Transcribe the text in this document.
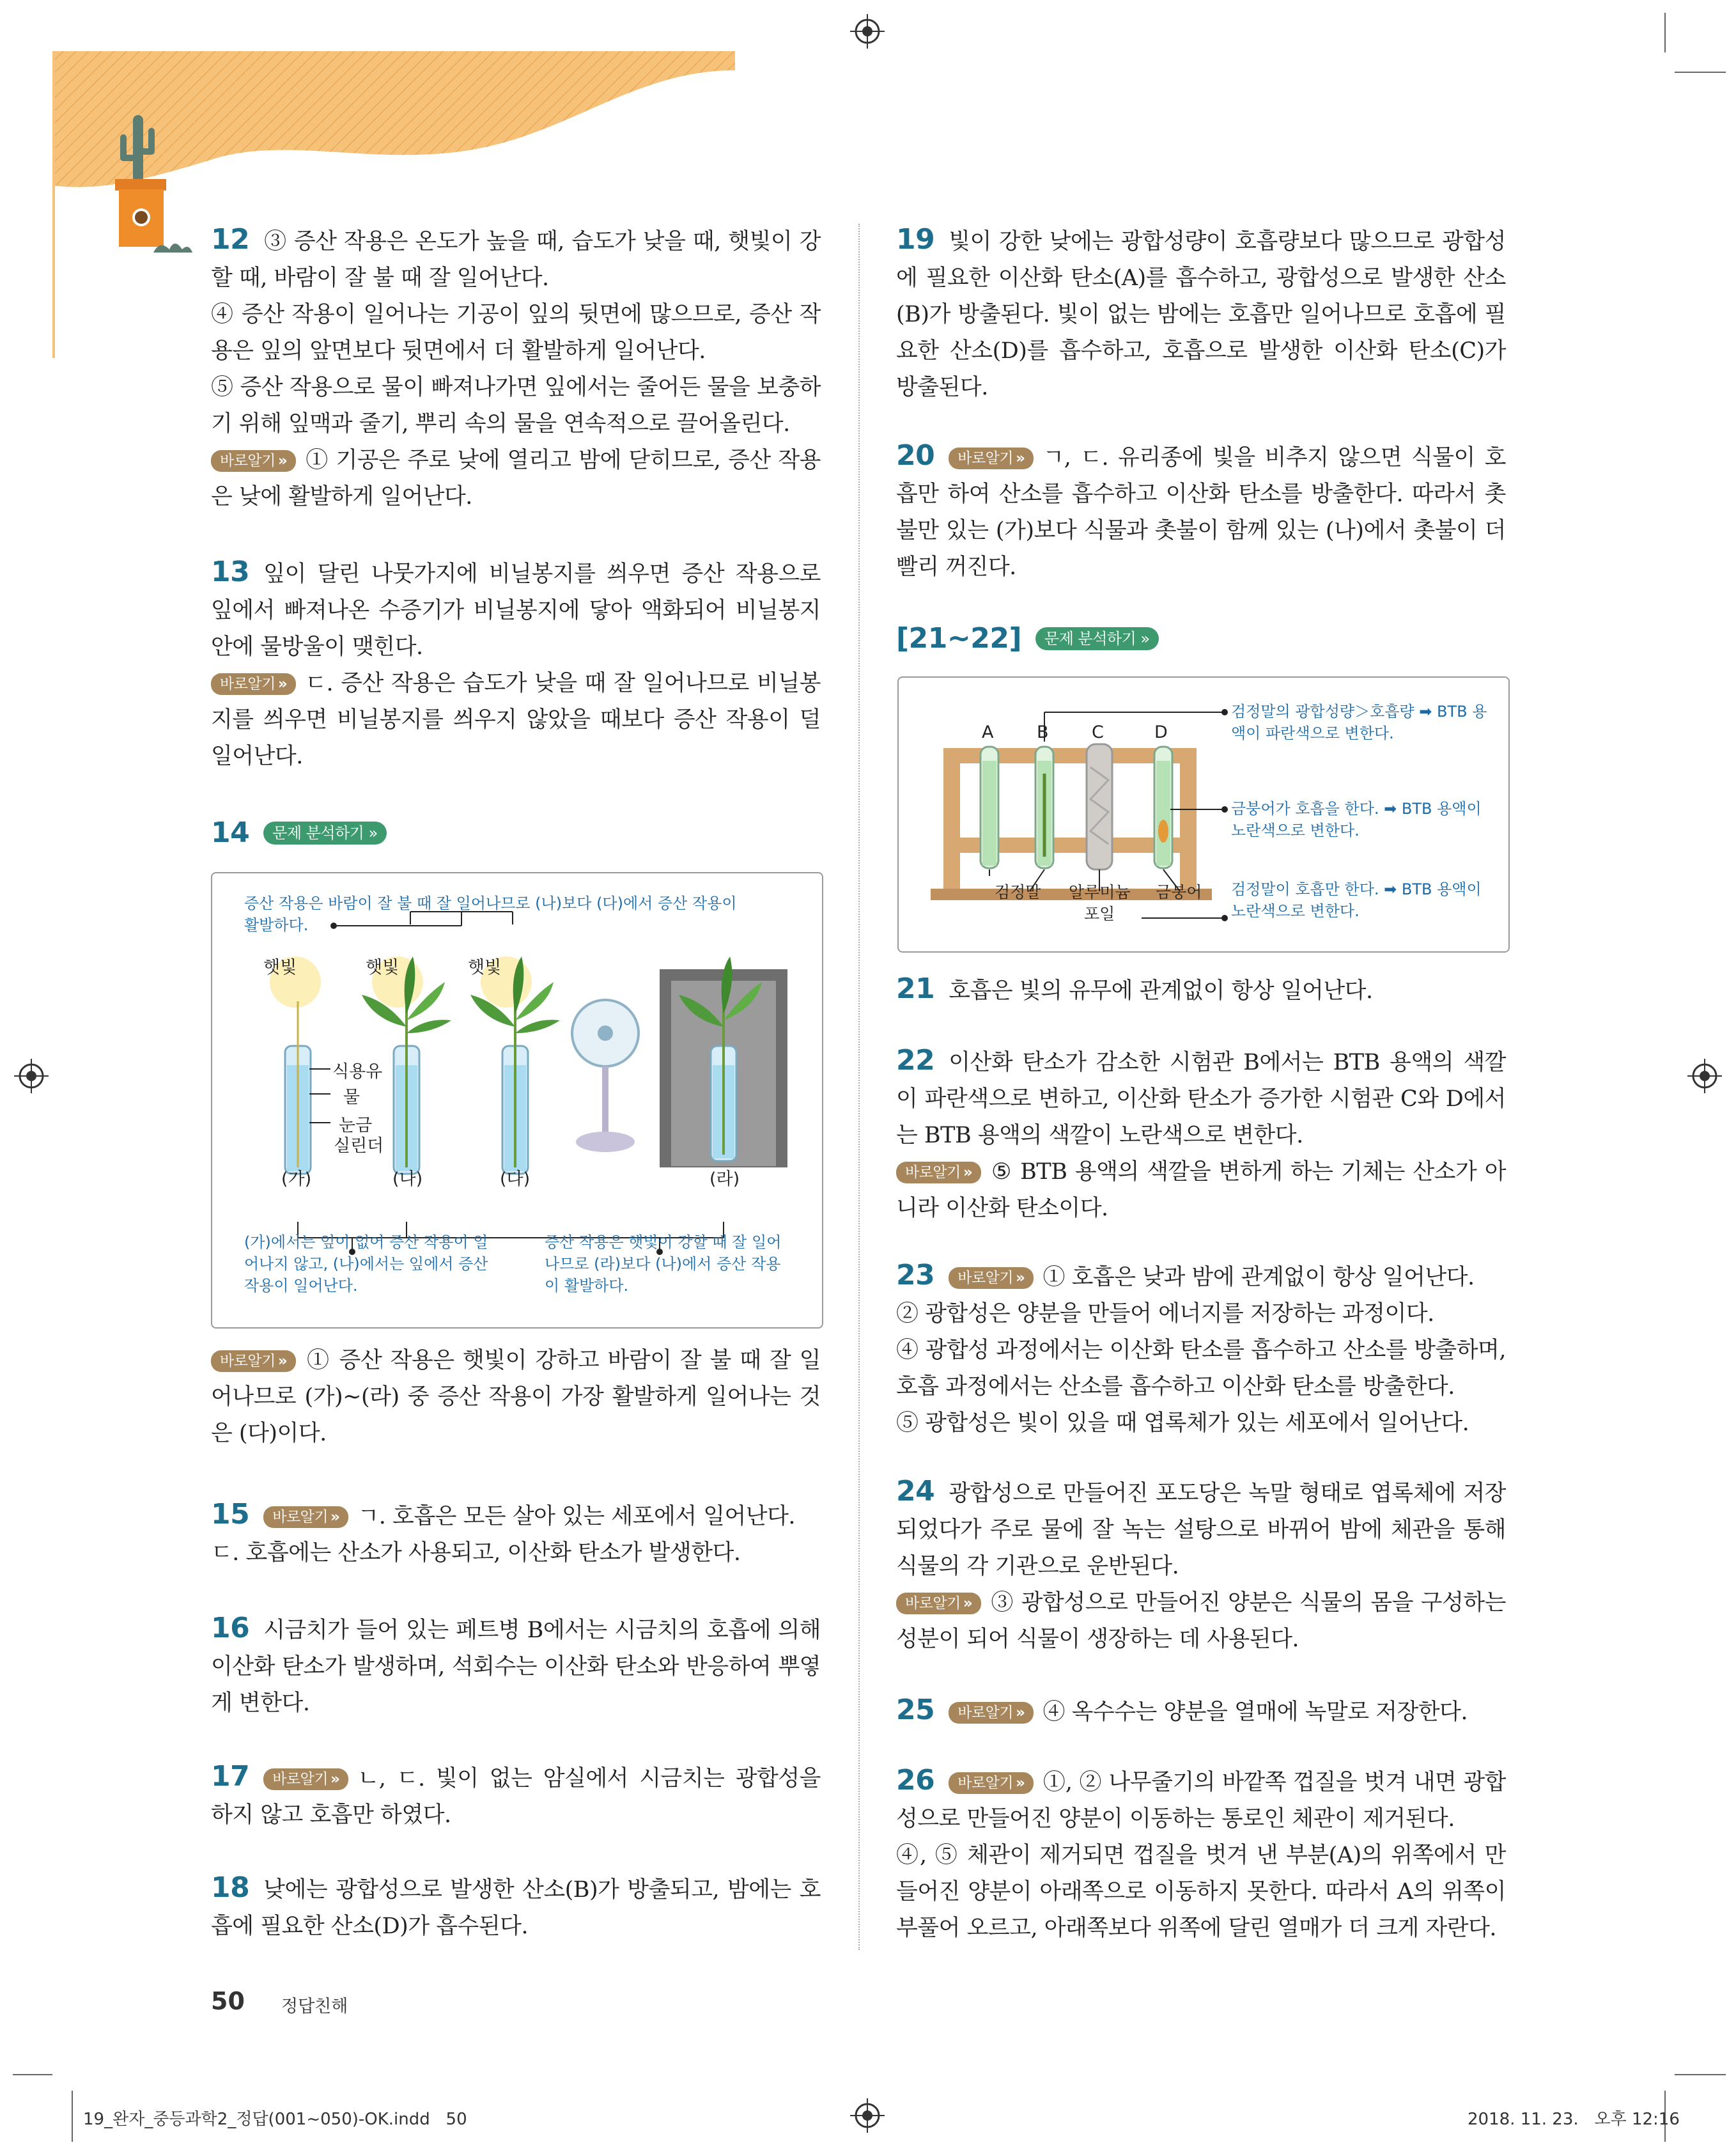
12 ③ 증산 작용은 온도가 높을 때, 습도가 낮을 때, 햇빛이 강할 때, 바람이 잘 불 때 잘 일어난다.
④ 증산 작용이 일어나는 기공이 잎의 뒷면에 많으므로, 증산 작용은 잎의 앞면보다 뒷면에서 더 활발하게 일어난다.
⑤ 증산 작용으로 물이 빠져나가면 잎에서는 줄어든 물을 보충하기 위해 잎맥과 줄기, 뿌리 속의 물을 연속적으로 끌어올린다.
바로알기 » ① 기공은 주로 낮에 열리고 밤에 닫히므로, 증산 작용은 낮에 활발하게 일어난다.
13 잎이 달린 나뭇가지에 비닐봉지를 씌우면 증산 작용으로 잎에서 빠져나온 수증기가 비닐봉지에 닿아 액화되어 비닐봉지 안에 물방울이 맺힌다.
바로알기 » ㄷ. 증산 작용은 습도가 낮을 때 잘 일어나므로 비닐봉지를 씌우면 비닐봉지를 씌우지 않았을 때보다 증산 작용이 덜 일어난다.
14 문제 분석하기 »
증산 작용은 바람이 잘 불 때 잘 일어나므로 (나)보다 (다)에서 증산 작용이 활발하다.
햇빛	햇빛	햇빛
식용유
물
눈금
실린더
(가)	(나)	(다)	(라)
(가)에서는 잎이 없어 증산 작용이 일어나지 않고, (나)에서는 잎에서 증산 작용이 일어난다.
증산 작용은 햇빛이 강할 때 잘 일어나므로 (라)보다 (나)에서 증산 작용이 활발하다.
바로알기 » ① 증산 작용은 햇빛이 강하고 바람이 잘 불 때 잘 일어나므로 (가)~(라) 중 증산 작용이 가장 활발하게 일어나는 것은 (다)이다.
15 바로알기 » ㄱ. 호흡은 모든 살아 있는 세포에서 일어난다.
ㄷ. 호흡에는 산소가 사용되고, 이산화 탄소가 발생한다.
16 시금치가 들어 있는 페트병 B에서는 시금치의 호흡에 의해 이산화 탄소가 발생하며, 석회수는 이산화 탄소와 반응하여 뿌옇게 변한다.
17 바로알기 » ㄴ, ㄷ. 빛이 없는 암실에서 시금치는 광합성을 하지 않고 호흡만 하였다.
18 낮에는 광합성으로 발생한 산소(B)가 방출되고, 밤에는 호흡에 필요한 산소(D)가 흡수된다.
19 빛이 강한 낮에는 광합성량이 호흡량보다 많으므로 광합성에 필요한 이산화 탄소(A)를 흡수하고, 광합성으로 발생한 산소(B)가 방출된다. 빛이 없는 밤에는 호흡만 일어나므로 호흡에 필요한 산소(D)를 흡수하고, 호흡으로 발생한 이산화 탄소(C)가 방출된다.
20 바로알기 » ㄱ, ㄷ. 유리종에 빛을 비추지 않으면 식물이 호흡만 하여 산소를 흡수하고 이산화 탄소를 방출한다. 따라서 촛불만 있는 (가)보다 식물과 촛불이 함께 있는 (나)에서 촛불이 더 빨리 꺼진다.
[21~22] 문제 분석하기 »
A	B C	D
검정말의 광합성량＞호흡량 ➡ BTB 용액이 파란색으로 변한다.
금붕어가 호흡을 한다. ➡ BTB 용액이 노란색으로 변한다.
검정말이 호흡만 한다. ➡ BTB 용액이 노란색으로 변한다.
검정말 알루미늄
포일
금붕어
21 호흡은 빛의 유무에 관계없이 항상 일어난다.
22 이산화 탄소가 감소한 시험관 B에서는 BTB 용액의 색깔이 파란색으로 변하고, 이산화 탄소가 증가한 시험관 C와 D에서는 BTB 용액의 색깔이 노란색으로 변한다.
바로알기 » ⑤ BTB 용액의 색깔을 변하게 하는 기체는 산소가 아니라 이산화 탄소이다.
23 바로알기 » ① 호흡은 낮과 밤에 관계없이 항상 일어난다.
② 광합성은 양분을 만들어 에너지를 저장하는 과정이다.
④ 광합성 과정에서는 이산화 탄소를 흡수하고 산소를 방출하며, 호흡 과정에서는 산소를 흡수하고 이산화 탄소를 방출한다.
⑤ 광합성은 빛이 있을 때 엽록체가 있는 세포에서 일어난다.
24 광합성으로 만들어진 포도당은 녹말 형태로 엽록체에 저장되었다가 주로 물에 잘 녹는 설탕으로 바뀌어 밤에 체관을 통해 식물의 각 기관으로 운반된다.
바로알기 » ③ 광합성으로 만들어진 양분은 식물의 몸을 구성하는 성분이 되어 식물이 생장하는 데 사용된다.
25 바로알기 » ④ 옥수수는 양분을 열매에 녹말로 저장한다.
26 바로알기 » ①, ② 나무줄기의 바깥쪽 껍질을 벗겨 내면 광합성으로 만들어진 양분이 이동하는 통로인 체관이 제거된다.
④, ⑤ 체관이 제거되면 껍질을 벗겨 낸 부분(A)의 위쪽에서 만들어진 양분이 아래쪽으로 이동하지 못한다. 따라서 A의 위쪽이 부풀어 오르고, 아래쪽보다 위쪽에 달린 열매가 더 크게 자란다.
50 정답친해
19_완자_중등과학2_정답(001~050)-OK.indd   50	2018. 11. 23.   오후 12:16
